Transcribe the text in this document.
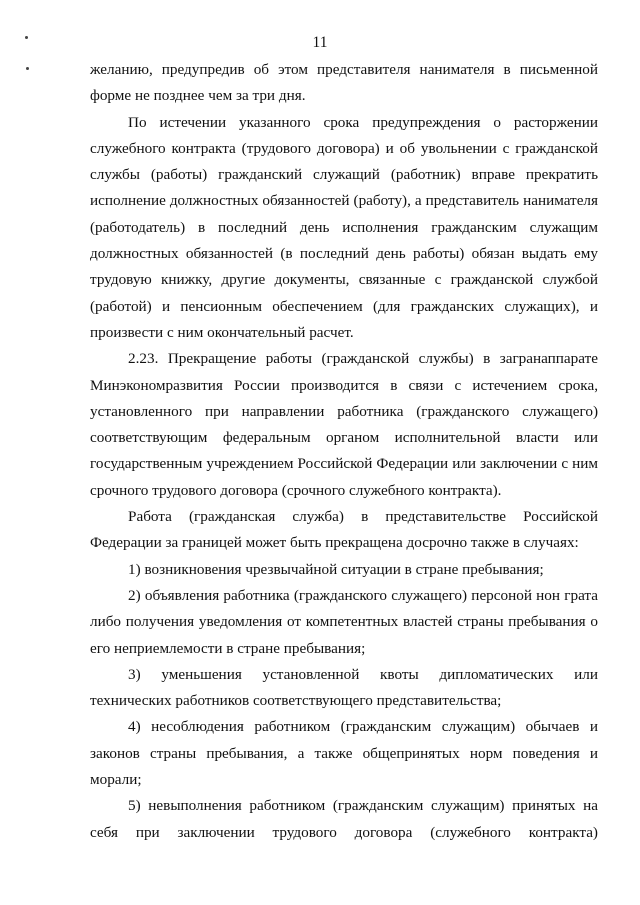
11

желанию, предупредив об этом представителя нанимателя в письменной форме не позднее чем за три дня.

По истечении указанного срока предупреждения о расторжении служебного контракта (трудового договора) и об увольнении с гражданской службы (работы) гражданский служащий (работник) вправе прекратить исполнение должностных обязанностей (работу), а представитель нанимателя (работодатель) в последний день исполнения гражданским служащим должностных обязанностей (в последний день работы) обязан выдать ему трудовую книжку, другие документы, связанные с гражданской службой (работой) и пенсионным обеспечением (для гражданских служащих), и произвести с ним окончательный расчет.

2.23. Прекращение работы (гражданской службы) в загранаппарате Минэкономразвития России производится в связи с истечением срока, установленного при направлении работника (гражданского служащего) соответствующим федеральным органом исполнительной власти или государственным учреждением Российской Федерации или заключении с ним срочного трудового договора (срочного служебного контракта).

Работа (гражданская служба) в представительстве Российской Федерации за границей может быть прекращена досрочно также в случаях:

1) возникновения чрезвычайной ситуации в стране пребывания;

2) объявления работника (гражданского служащего) персоной нон грата либо получения уведомления от компетентных властей страны пребывания о его неприемлемости в стране пребывания;

3) уменьшения установленной квоты дипломатических или технических работников соответствующего представительства;

4) несоблюдения работником (гражданским служащим) обычаев и законов страны пребывания, а также общепринятых норм поведения и морали;

5) невыполнения работником (гражданским служащим) принятых на себя при заключении трудового договора (служебного контракта)
